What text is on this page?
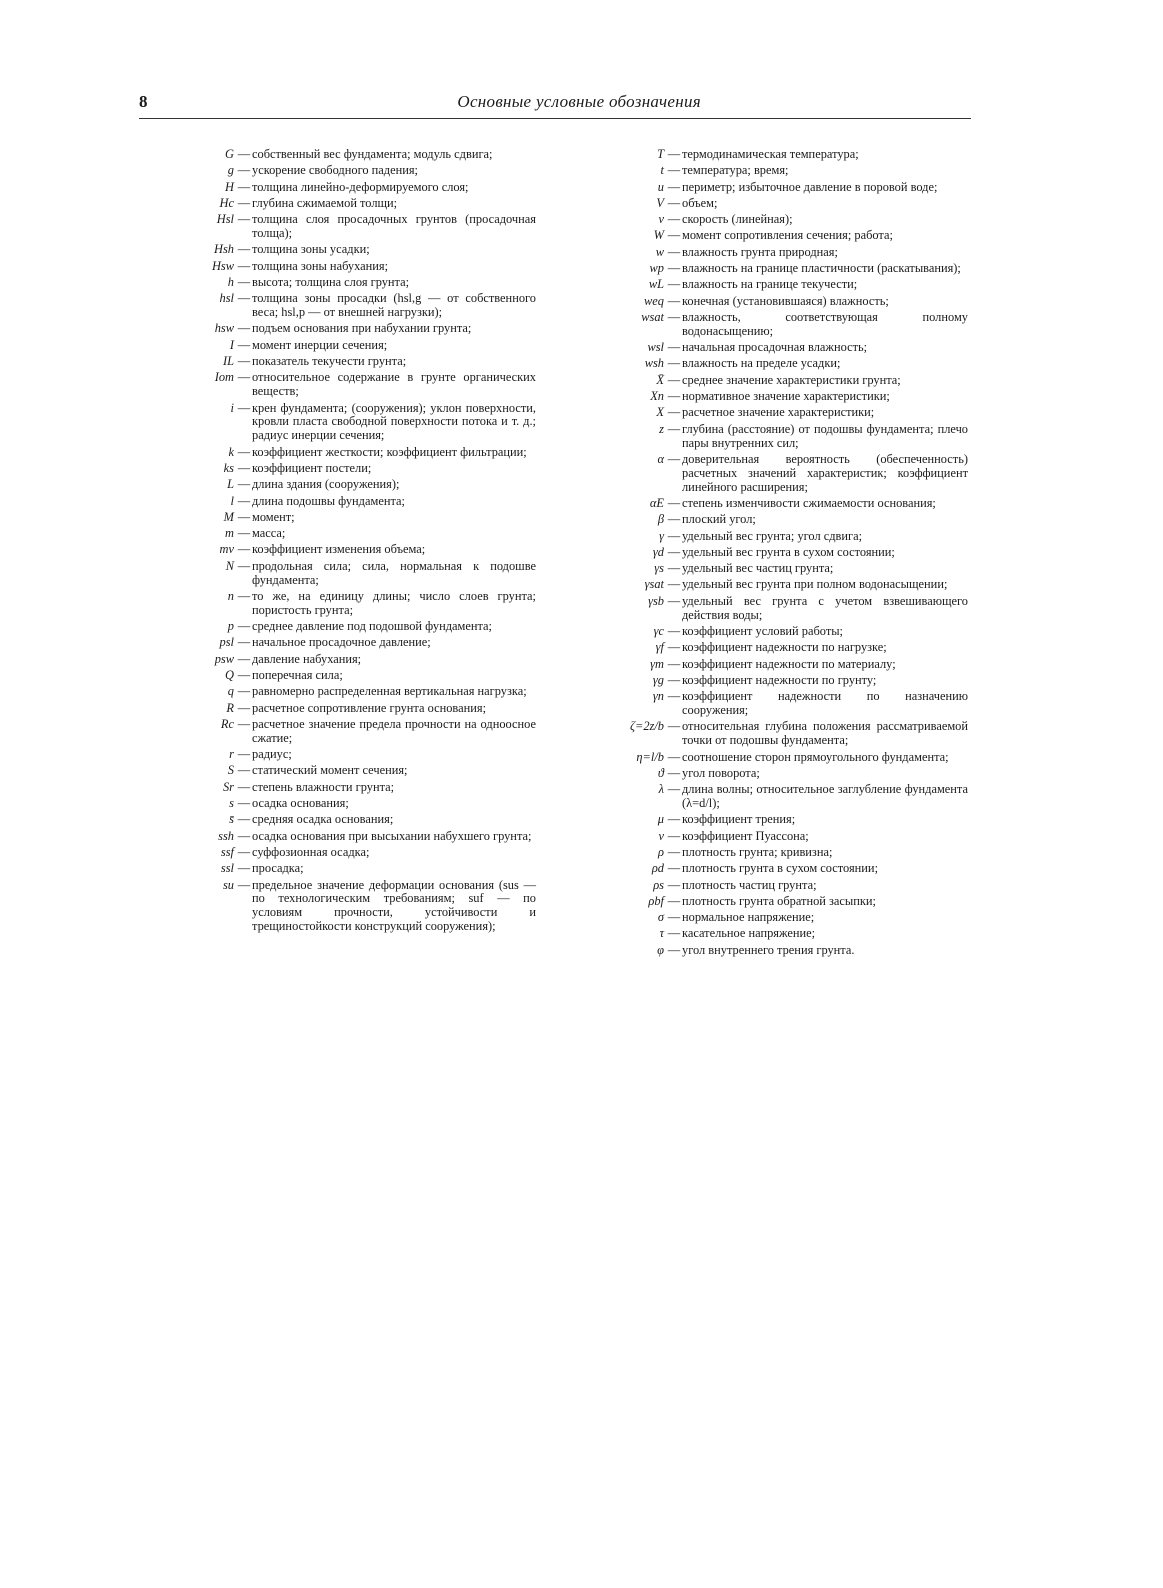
8	Основные условные обозначения
G — собственный вес фундамента; модуль сдвига;
g — ускорение свободного падения;
H — толщина линейно-деформируемого слоя;
Hc — глубина сжимаемой толщи;
Hsl — толщина слоя просадочных грунтов (просадочная толща);
Hsh — толщина зоны усадки;
Hsw — толщина зоны набухания;
h — высота; толщина слоя грунта;
hsl — толщина зоны просадки (hsl,g — от собственного веса; hsl,p — от внешней нагрузки);
hsw — подъем основания при набухании грунта;
I — момент инерции сечения;
IL — показатель текучести грунта;
Iom — относительное содержание в грунте органических веществ;
i — крен фундамента; (сооружения); уклон поверхности, кровли пласта свободной поверхности потока и т. д.; радиус инерции сечения;
k — коэффициент жесткости; коэффициент фильтрации;
ks — коэффициент постели;
L — длина здания (сооружения);
l — длина подошвы фундамента;
M — момент;
m — масса;
mv — коэффициент изменения объема;
N — продольная сила; сила, нормальная к подошве фундамента;
n — то же, на единицу длины; число слоев грунта; пористость грунта;
p — среднее давление под подошвой фундамента;
psl — начальное просадочное давление;
psw — давление набухания;
Q — поперечная сила;
q — равномерно распределенная вертикальная нагрузка;
R — расчетное сопротивление грунта основания;
Rc — расчетное значение предела прочности на одноосное сжатие;
r — радиус;
S — статический момент сечения;
Sr — степень влажности грунта;
s — осадка основания;
s̄ — средняя осадка основания;
ssh — осадка основания при высыхании набухшего грунта;
ssf — суффозионная осадка;
ssl — просадка;
su — предельное значение деформации основания (sus — по технологическим требованиям; suf — по условиям прочности, устойчивости и трещиностойкости конструкций сооружения);
T — термодинамическая температура;
t — температура; время;
u — периметр; избыточное давление в поровой воде;
V — объем;
v — скорость (линейная);
W — момент сопротивления сечения; работа;
w — влажность грунта природная;
wp — влажность на границе пластичности (раскатывания);
wL — влажность на границе текучести;
weq — конечная (установившаяся) влажность;
wsat — влажность, соответствующая полному водонасыщению;
wsl — начальная просадочная влажность;
wsh — влажность на пределе усадки;
X̄ — среднее значение характеристики грунта;
Xn — нормативное значение характеристики;
X — расчетное значение характеристики;
z — глубина (расстояние) от подошвы фундамента; плечо пары внутренних сил;
α — доверительная вероятность (обеспеченность) расчетных значений характеристик; коэффициент линейного расширения;
αE — степень изменчивости сжимаемости основания;
β — плоский угол;
γ — удельный вес грунта; угол сдвига;
γd — удельный вес грунта в сухом состоянии;
γs — удельный вес частиц грунта;
γsat — удельный вес грунта при полном водонасыщении;
γsb — удельный вес грунта с учетом взвешивающего действия воды;
γc — коэффициент условий работы;
γf — коэффициент надежности по нагрузке;
γm — коэффициент надежности по материалу;
γg — коэффициент надежности по грунту;
γn — коэффициент надежности по назначению сооружения;
ζ=2z/b — относительная глубина положения рассматриваемой точки от подошвы фундамента;
η=l/b — соотношение сторон прямоугольного фундамента;
ϑ — угол поворота;
λ — длина волны; относительное заглубление фундамента (λ=d/l);
μ — коэффициент трения;
ν — коэффициент Пуассона;
ρ — плотность грунта; кривизна;
ρd — плотность грунта в сухом состоянии;
ρs — плотность частиц грунта;
ρbf — плотность грунта обратной засыпки;
σ — нормальное напряжение;
τ — касательное напряжение;
φ — угол внутреннего трения грунта.
